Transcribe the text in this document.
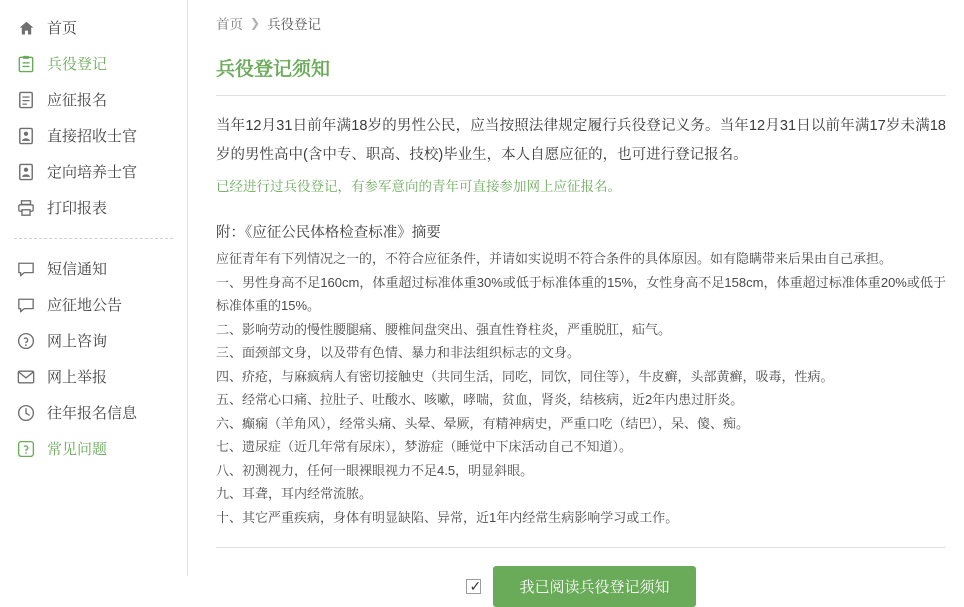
首页
兵役登记
应征报名
直接招收士官
定向培养士官
打印报表
短信通知
应征地公告
网上咨询
网上举报
往年报名信息
常见问题
首页 ❯ 兵役登记
兵役登记须知

当年12月31日前年满18岁的男性公民，应当按照法律规定履行兵役登记义务。当年12月31日以前年满17岁未满18岁的男性高中(含中专、职高、技校)毕业生，本人自愿应征的，也可进行登记报名。

已经进行过兵役登记，有参军意向的青年可直接参加网上应征报名。

附：《应征公民体格检查标准》摘要

应征青年有下列情况之一的，不符合应征条件，并请如实说明不符合条件的具体原因。如有隐瞒带来后果由自己承担。

一、男性身高不足160cm，体重超过标准体重30%或低于标准体重的15%，女性身高不足158cm，体重超过标准体重20%或低于标准体重的15%。

二、影响劳动的慢性腰腿痛、腰椎间盘突出、强直性脊柱炎，严重脱肛，疝气。

三、面颈部文身，以及带有色情、暴力和非法组织标志的文身。

四、疥疮，与麻疯病人有密切接触史（共同生活，同吃，同饮，同住等），牛皮癣，头部黄癣，吸毒，性病。

五、经常心口痛、拉肚子、吐酸水、咳嗽，哮喘，贫血，肾炎，结核病，近2年内患过肝炎。

六、癫痫（羊角风），经常头痛、头晕、晕厥，有精神病史，严重口吃（结巴），呆、傻、痴。

七、遗尿症（近几年常有尿床），梦游症（睡觉中下床活动自己不知道）。

八、初测视力，任何一眼裸眼视力不足4.5，明显斜眼。

九、耳聋，耳内经常流脓。

十、其它严重疾病，身体有明显缺陷、异常，近1年内经常生病影响学习或工作。

✓	我已阅读兵役登记须知
